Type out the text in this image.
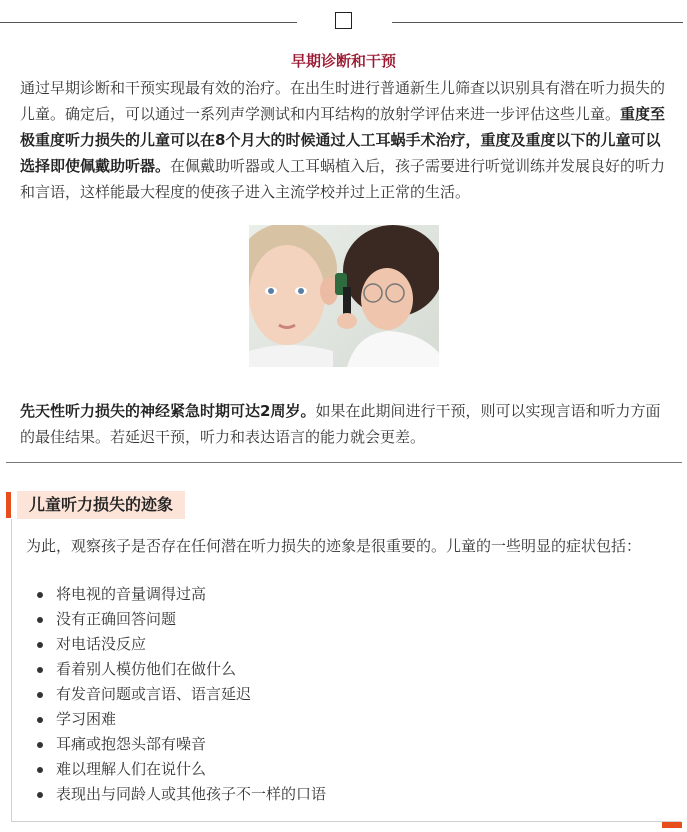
早期诊断和干预
通过早期诊断和干预实现最有效的治疗。在出生时进行普通新生儿筛查以识别具有潜在听力损失的儿童。确定后，可以通过一系列声学测试和内耳结构的放射学评估来进一步评估这些儿童。重度至极重度听力损失的儿童可以在8个月大的时候通过人工耳蜗手术治疗，重度及重度以下的儿童可以选择即使佩戴助听器。在佩戴助听器或人工耳蜗植入后，孩子需要进行听觉训练并发展良好的听力和言语，这样能最大程度的使孩子进入主流学校并过上正常的生活。
先天性听力损失的神经紧急时期可达2周岁。如果在此期间进行干预，则可以实现言语和听力方面的最佳结果。若延迟干预，听力和表达语言的能力就会更差。
儿童听力损失的迹象
为此，观察孩子是否存在任何潜在听力损失的迹象是很重要的。儿童的一些明显的症状包括：
将电视的音量调得过高
没有正确回答问题
对电话没反应
看着别人模仿他们在做什么
有发音问题或言语、语言延迟
学习困难
耳痛或抱怨头部有噪音
难以理解人们在说什么
表现出与同龄人或其他孩子不一样的口语
